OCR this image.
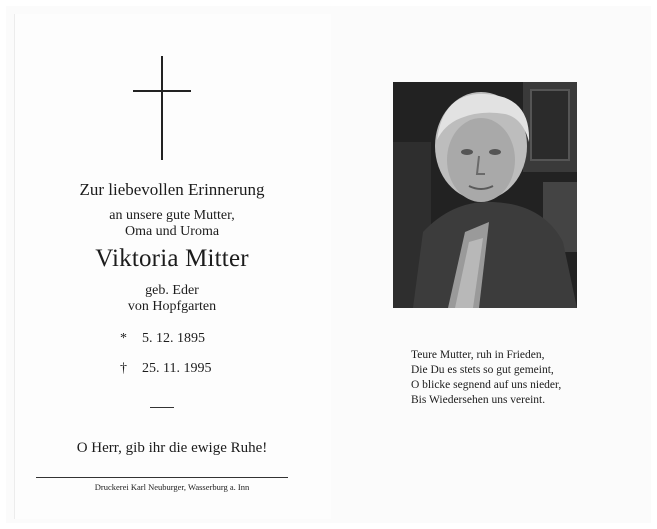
Zur liebevollen Erinnerung
an unsere gute Mutter,
Oma und Uroma
Viktoria Mitter
geb. Eder
von Hopfgarten
* 5. 12. 1895
† 25. 11. 1995
O Herr, gib ihr die ewige Ruhe!
Druckerei Karl Neuburger, Wasserburg a. Inn
Teure Mutter, ruh in Frieden,
Die Du es stets so gut gemeint,
O blicke segnend auf uns nieder,
Bis Wiedersehen uns vereint.
